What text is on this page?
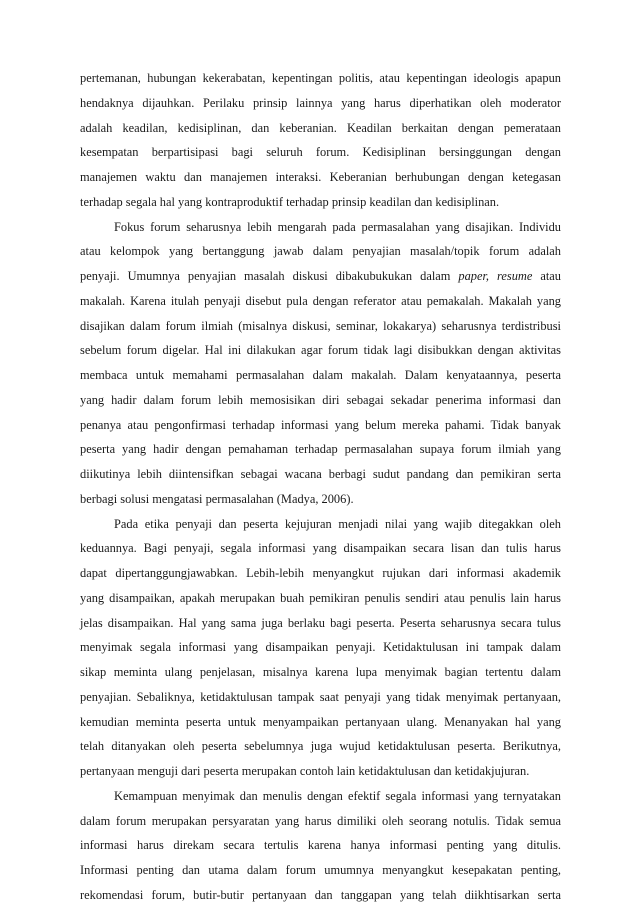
pertemanan, hubungan kekerabatan, kepentingan politis, atau kepentingan ideologis apapun
hendaknya dijauhkan. Perilaku prinsip lainnya yang harus diperhatikan oleh moderator
adalah keadilan, kedisiplinan, dan keberanian. Keadilan berkaitan dengan pemerataan
kesempatan berpartisipasi bagi seluruh forum. Kedisiplinan bersinggungan dengan
manajemen waktu dan manajemen interaksi. Keberanian berhubungan dengan ketegasan
terhadap segala hal yang kontraproduktif terhadap prinsip keadilan dan kedisiplinan.
Fokus forum seharusnya lebih mengarah pada permasalahan yang disajikan. Individu
atau kelompok yang bertanggung jawab dalam penyajian masalah/topik forum adalah
penyaji. Umumnya penyajian masalah diskusi dibakubukukan dalam paper, resume atau
makalah. Karena itulah penyaji disebut pula dengan referator atau pemakalah. Makalah yang
disajikan dalam forum ilmiah (misalnya diskusi, seminar, lokakarya) seharusnya terdistribusi
sebelum forum digelar. Hal ini dilakukan agar forum tidak lagi disibukkan dengan aktivitas
membaca untuk memahami permasalahan dalam makalah. Dalam kenyataannya, peserta
yang hadir dalam forum lebih memosisikan diri sebagai sekadar penerima informasi dan
penanya atau pengonfirmasi terhadap informasi yang belum mereka pahami. Tidak banyak
peserta yang hadir dengan pemahaman terhadap permasalahan supaya forum ilmiah yang
diikutinya lebih diintensifkan sebagai wacana berbagi sudut pandang dan pemikiran serta
berbagi solusi mengatasi permasalahan (Madya, 2006).
Pada etika penyaji dan peserta kejujuran menjadi nilai yang wajib ditegakkan oleh
keduannya. Bagi penyaji, segala informasi yang disampaikan secara lisan dan tulis harus
dapat dipertanggungjawabkan. Lebih-lebih menyangkut rujukan dari informasi akademik
yang disampaikan, apakah merupakan buah pemikiran penulis sendiri atau penulis lain harus
jelas disampaikan. Hal yang sama juga berlaku bagi peserta. Peserta seharusnya secara tulus
menyimak segala informasi yang disampaikan penyaji. Ketidaktulusan ini tampak dalam
sikap meminta ulang penjelasan, misalnya karena lupa menyimak bagian tertentu dalam
penyajian. Sebaliknya, ketidaktulusan tampak saat penyaji yang tidak menyimak pertanyaan,
kemudian meminta peserta untuk menyampaikan pertanyaan ulang. Menanyakan hal yang
telah ditanyakan oleh peserta sebelumnya juga wujud ketidaktulusan peserta. Berikutnya,
pertanyaan menguji dari peserta merupakan contoh lain ketidaktulusan dan ketidakjujuran.
Kemampuan menyimak dan menulis dengan efektif segala informasi yang ternyatakan
dalam forum merupakan persyaratan yang harus dimiliki oleh seorang notulis. Tidak semua
informasi harus direkam secara tertulis karena hanya informasi penting yang ditulis.
Informasi penting dan utama dalam forum umumnya menyangkut kesepakatan penting,
rekomendasi forum, butir-butir pertanyaan dan tanggapan yang telah diikhtisarkan serta
